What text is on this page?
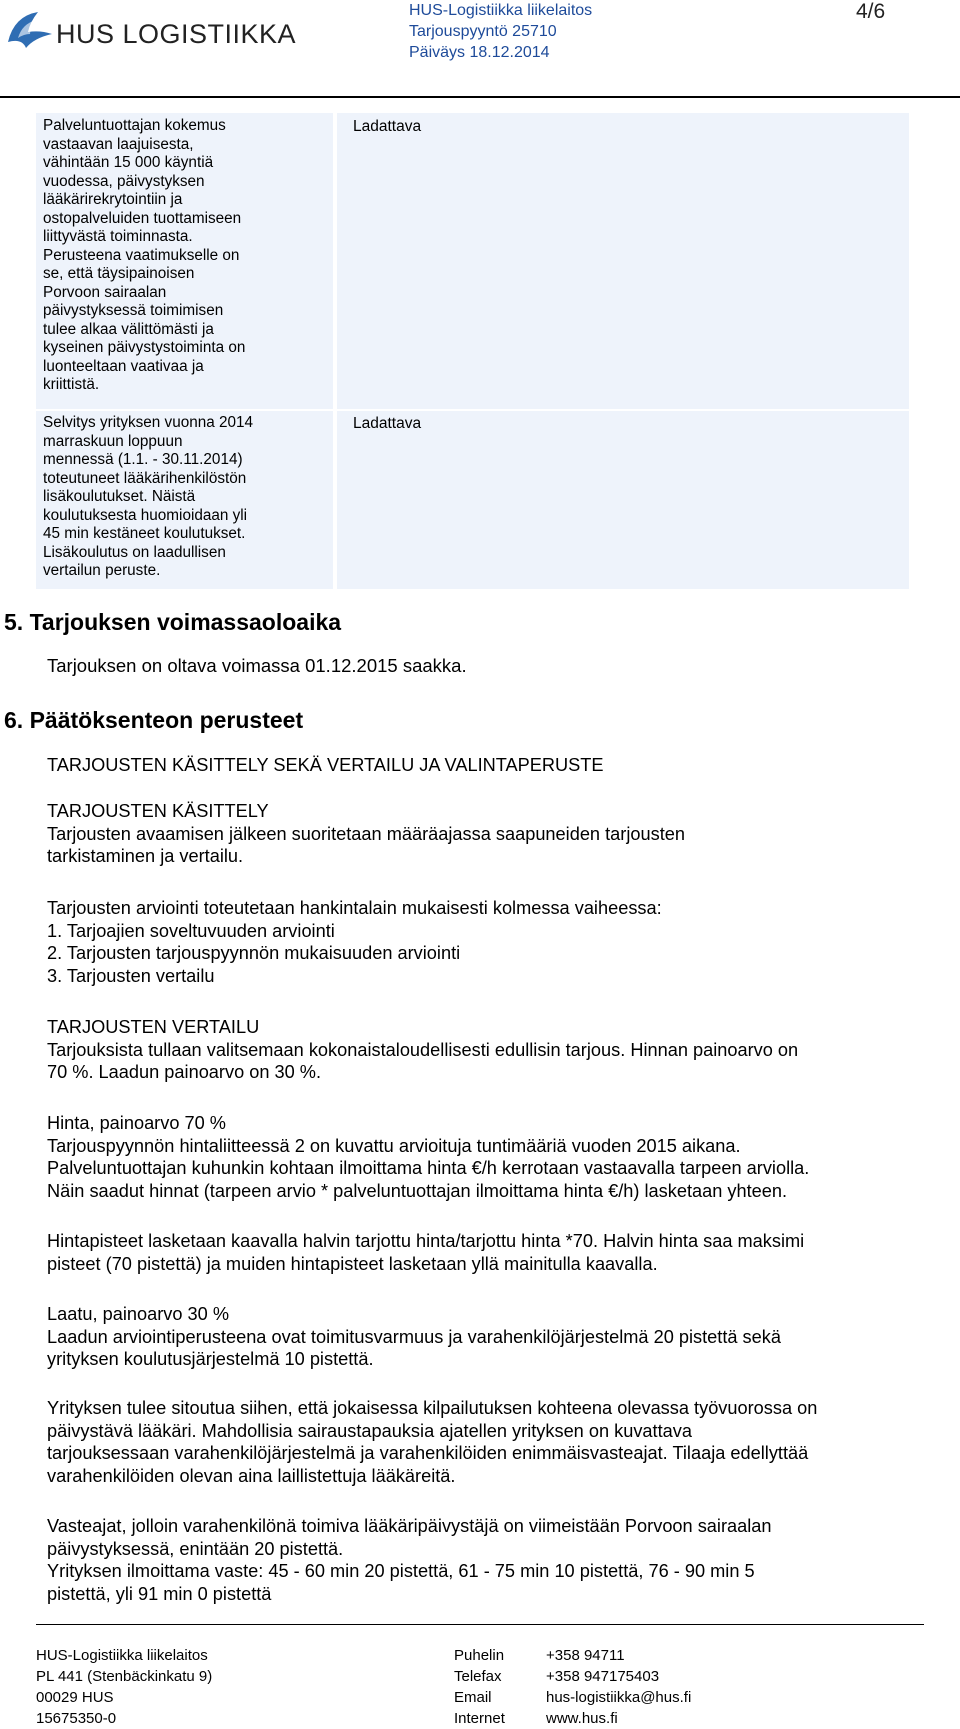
HUS LOGISTIIKKA
HUS-Logistiikka liikelaitos
Tarjouspyyntö 25710
Päiväys 18.12.2014
4/6
Palveluntuottajan kokemus
vastaavan laajuisesta,
vähintään 15 000 käyntiä
vuodessa, päivystyksen
lääkärirekrytointiin ja
ostopalveluiden tuottamiseen
liittyvästä toiminnasta.
Perusteena vaatimukselle on
se, että täysipainoisen
Porvoon sairaalan
päivystyksessä toimimisen
tulee alkaa välittömästi ja
kyseinen päivystystoiminta on
luonteeltaan vaativaa ja
kriittistä.
Ladattava
Selvitys yrityksen vuonna 2014
marraskuun loppuun
mennessä (1.1. - 30.11.2014)
toteutuneet lääkärihenkilöstön
lisäkoulutukset. Näistä
koulutuksesta huomioidaan yli
45 min kestäneet koulutukset.
Lisäkoulutus on laadullisen
vertailun peruste.
Ladattava
5. Tarjouksen voimassaoloaika
Tarjouksen on oltava voimassa 01.12.2015 saakka.
6. Päätöksenteon perusteet
TARJOUSTEN KÄSITTELY SEKÄ VERTAILU JA VALINTAPERUSTE
TARJOUSTEN KÄSITTELY
Tarjousten avaamisen jälkeen suoritetaan määräajassa saapuneiden tarjousten
tarkistaminen ja vertailu.
Tarjousten arviointi toteutetaan hankintalain mukaisesti kolmessa vaiheessa:
1. Tarjoajien soveltuvuuden arviointi
2. Tarjousten tarjouspyynnön mukaisuuden arviointi
3. Tarjousten vertailu
TARJOUSTEN VERTAILU
Tarjouksista tullaan valitsemaan kokonaistaloudellisesti edullisin tarjous. Hinnan painoarvo on
70 %. Laadun painoarvo on 30 %.
Hinta, painoarvo 70 %
Tarjouspyynnön hintaliitteessä 2 on kuvattu arvioituja tuntimääriä vuoden 2015 aikana.
Palveluntuottajan kuhunkin kohtaan ilmoittama hinta €/h kerrotaan vastaavalla tarpeen arviolla.
Näin saadut hinnat (tarpeen arvio * palveluntuottajan ilmoittama hinta €/h) lasketaan yhteen.
Hintapisteet lasketaan kaavalla halvin tarjottu hinta/tarjottu hinta *70. Halvin hinta saa maksimi
pisteet (70 pistettä) ja muiden hintapisteet lasketaan yllä mainitulla kaavalla.
Laatu, painoarvo 30 %
Laadun arviointiperusteena ovat toimitusvarmuus ja varahenkilöjärjestelmä 20 pistettä sekä
yrityksen koulutusjärjestelmä 10 pistettä.
Yrityksen tulee sitoutua siihen, että jokaisessa kilpailutuksen kohteena olevassa työvuorossa on
päivystävä lääkäri. Mahdollisia sairaustapauksia ajatellen yrityksen on kuvattava
tarjouksessaan varahenkilöjärjestelmä ja varahenkilöiden enimmäisvasteajat. Tilaaja edellyttää
varahenkilöiden olevan aina laillistettuja lääkäreitä.
Vasteajat, jolloin varahenkilönä toimiva lääkäripäivystäjä on viimeistään Porvoon sairaalan
päivystyksessä, enintään 20 pistettä.
Yrityksen ilmoittama vaste: 45 - 60 min 20 pistettä, 61 - 75 min 10 pistettä, 76 - 90 min 5
pistettä, yli 91 min 0 pistettä
HUS-Logistiikka liikelaitos
PL 441 (Stenbäckinkatu 9)
00029 HUS
15675350-0
Puhelin
Telefax
Email
Internet
+358 94711
+358 947175403
hus-logistiikka@hus.fi
www.hus.fi
